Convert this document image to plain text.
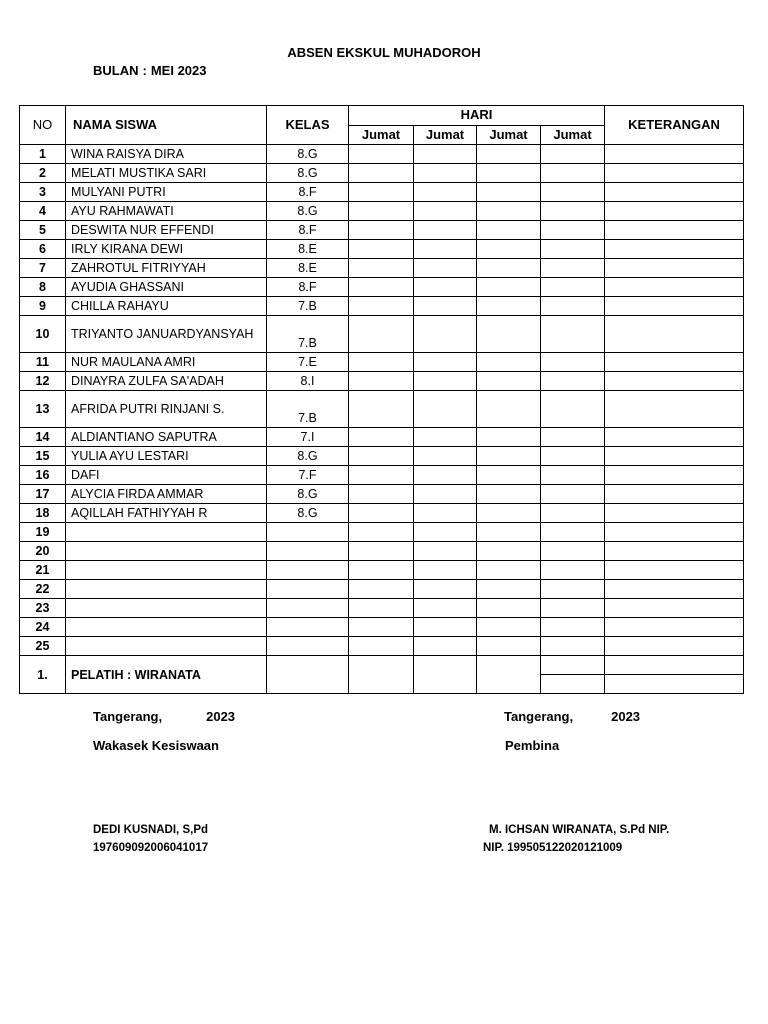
ABSEN EKSKUL MUHADOROH
BULAN : MEI 2023
NO	NAMA SISWA	KELAS	HARI				KETERANGAN
			Jumat	Jumat	Jumat	Jumat	
1	WINA RAISYA DIRA	8.G					
2	MELATI MUSTIKA SARI	8.G					
3	MULYANI PUTRI	8.F					
4	AYU RAHMAWATI	8.G					
5	DESWITA NUR EFFENDI	8.F					
6	IRLY KIRANA DEWI	8.E					
7	ZAHROTUL FITRIYYAH	8.E					
8	AYUDIA GHASSANI	8.F					
9	CHILLA RAHAYU	7.B					
10	TRIYANTO JANUARDYANSYAH	7.B					
11	NUR MAULANA AMRI	7.E					
12	DINAYRA ZULFA SA'ADAH	8.I					
13	AFRIDA PUTRI RINJANI S.	7.B					
14	ALDIANTIANO SAPUTRA	7.I					
15	YULIA AYU LESTARI	8.G					
16	DAFI	7.F					
17	ALYCIA FIRDA AMMAR	8.G					
18	AQILLAH FATHIYYAH R	8.G					
19							
20							
21							
22							
23							
24							
25							
1.	PELATIH : WIRANATA						

Tangerang,	2023
Wakasek Kesiswaan
Tangerang,	2023
Pembina
DEDI KUSNADI, S,Pd
197609092006041017
M. ICHSAN WIRANATA, S.Pd NIP.
NIP. 199505122020121009
